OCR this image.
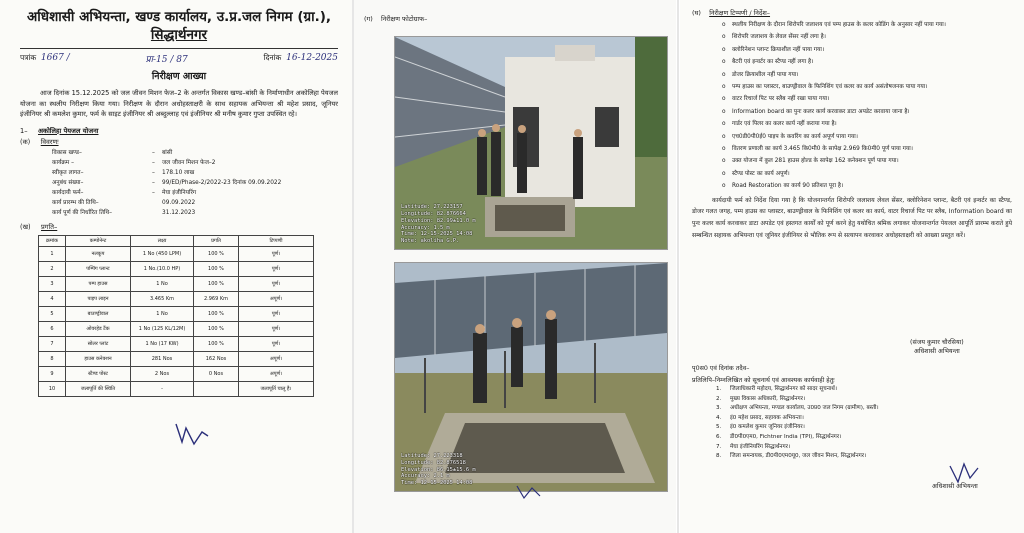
अधिशासी अभियन्ता, खण्ड कार्यालय, उ.प्र.जल निगम (ग्रा.),
सिद्धार्थनगर
पत्रांक 1667 /	प्रा-15 / 87	दिनांक 16-12-2025
निरीक्षण आख्या
आज दिनांक 15.12.2025 को जल जीवन मिशन फेज–2 के अन्तर्गत विकास खण्ड–बांसी के निर्माणाधीन अकोलिहा पेयजल योजना का स्थलीय निरीक्षण किया गया। निरीक्षण के दौरान अधोहस्ताक्षरी के साथ सहायक अभियन्ता श्री महेश प्रसाद, जूनियर इंजीनियर श्री कमलेश कुमार, फर्म के साइट इंजीनियर श्री अब्दुल्लाह एवं इंजीनियर श्री मनीष कुमार गुप्ता उपस्थित रहे।
1– अकोलिहा पेयजल योजना
(क) विवरणः
विकास खण्ड–	–	बांसी
कार्यक्रम –	–	जल जीवन मिशन फेज–2
स्वीकृत लागत–	–	178.10 लाख
अनुबंध संख्या–	–	99/ED/Phase-2/2022-23 दिनांक 09.09.2022
कार्यदायी फर्म–	–	मेघा इंजीनियरिंग
कार्य प्रारम्भ की तिथि–	09.09.2022
कार्य पूर्ण की निर्धारित तिथि–	31.12.2023
(ख) प्रगति–
क्रमांक	कम्पोनेन्ट	लक्ष्य	प्रगति	टिप्पणी
1	नलकूप	1 No (450 LPM)	100 %	पूर्ण।
2	पम्पिंग प्लान्ट	1 No.(10.0 HP)	100 %	पूर्ण।
3	पम्प हाउस	1 No	100 %	पूर्ण।
4	पाइप लाइन	3.465 Km	2.969 Km	अपूर्ण।
5	बाउण्ड्रीवाल	1 No	100 %	पूर्ण।
6	ओवरहेड टैंक	1 No (125 KL/12M)	100 %	पूर्ण।
7	सोलर प्लांट	1 No (17 KW)	100 %	पूर्ण।
8	हाउस कनेक्शन	281 Nos	162 Nos	अपूर्ण।
9	स्टैण्ड पोस्ट	2 Nos	0 Nos	अपूर्ण।
10	जलापूर्ति की स्थिति	-		जलापूर्ति चालू है।
(ग) निरीक्षण फोटोग्राफ–
Latitude: 27.223157
Longitude: 82.876664
Elevation: 82.99±11.0 m
Accuracy: 1.5 m
Time: 12-15-2025 14:08
Note: akoliha G.P.
Latitude: 27.223318
Longitude: 82.876518
Elevation: 86.15±15.6 m
Accuracy: 2.1 m
Time: 12-15-2025 14:08
(घ) निरीक्षण टिप्पणी / निर्देश–
o स्थलीय निरीक्षण के दौरान शिरोपरि जलाशय एवं पम्प हाउस के कलर कोडिंग के अनुसार नहीं पाया गया।
o शिरोपरि जलाशय के लेवल सेंसर नहीं लगा है।
o क्लोरिनेशन प्लान्ट क्रियाशील नहीं पाया गया।
o बैटरी एवं इन्वर्टर का स्टैण्ड नहीं लगा है।
o डोजर क्रियाशील नहीं पाया गया।
o पम्प हाउस का प्लास्टर, बाउण्ड्रीवाल के फिनिशिंग एवं कलर का कार्य असंतोषजनक पाया गया।
o वाटर रिचार्ज पिट पर स्लैब नहीं रखा पाया गया।
o Information board का पुनः कलर कार्य करवाकर डाटा अपडेट करवाया जाना है।
o गार्डर एवं पिलर का कलर कार्य नहीं कराया गया है।
o एच0डी0पी0ई0 पाइप के कवरिंग का कार्य अपूर्ण पाया गया।
o वितरण प्रणाली का कार्य 3.465 कि0मी0 के सापेक्ष 2.969 कि0मी0 पूर्ण पाया गया।
o उक्त योजना में कुल 281 हाउस होल्ड के सापेक्ष 162 कनेक्शन पूर्ण पाया गया।
o स्टैण्ड पोस्ट का कार्य अपूर्ण।
o Road Restoration का कार्य 90 प्रतिशत पूरा है।
कार्यदायी फर्म को निर्देश दिया गया है कि योजनान्तर्गत शिरोपरि जलाशय लेवल सेंसर, क्लोरिनेशन प्लान्ट, बैटरी एवं इन्वर्टर का स्टैण्ड, डोजर गलत जगह, पम्प हाउस का प्लास्टर, बाउण्ड्रीवाल के फिनिशिंग एवं कलर का कार्य, वाटर रिचार्ज पिट पर स्लैब, Information board का पुनः कलर कार्य करवाकर डाटा अपडेट एवं हस्तगत कार्यों को पूर्ण करने हेतु यथोचित श्रमिक लगाकर योजनान्तर्गत पेयजल आपूर्ति प्रारम्भ कराते हुये सम्बन्धित सहायक अभियन्ता एवं जूनियर इंजीनियर से भौतिक रूप से सत्यापन करवाकर अधोहस्ताक्षरी को आख्या प्रस्तुत करें।
(संजय कुमार चौरसिया)
अधिशासी अभियन्ता
पृ0स0 एवं दिनांक तदैव–
प्रतिलिपि–निम्नलिखित को सूचनार्थ एवं आवश्यक कार्यवाही हेतुः
1.	जिलाधिकारी महोदय, सिद्धार्थनगर को सादर सूचनार्थ।
2.	मुख्य विकास अधिकारी, सिद्धार्थनगर।
3.	अधीक्षण अभियन्ता, मण्डल कार्यालय, उ0प्र0 जल निगम (ग्रामीण), बस्ती।
4.	इं0 महेश प्रसाद, सहायक अभियन्ता।
5.	इं0 कमलेश कुमार जूनियर इंजीनियर।
6.	डी0पी0एम0, Fichtner India (TPI), सिद्धार्थनगर।
7.	मेघा इंजीनियरिंग सिद्धार्थनगर।
8.	जिला समन्वयक, डी0पी0एम0यू0, जल जीवन मिशन, सिद्धार्थनगर।
अधिशासी अभियन्ता
